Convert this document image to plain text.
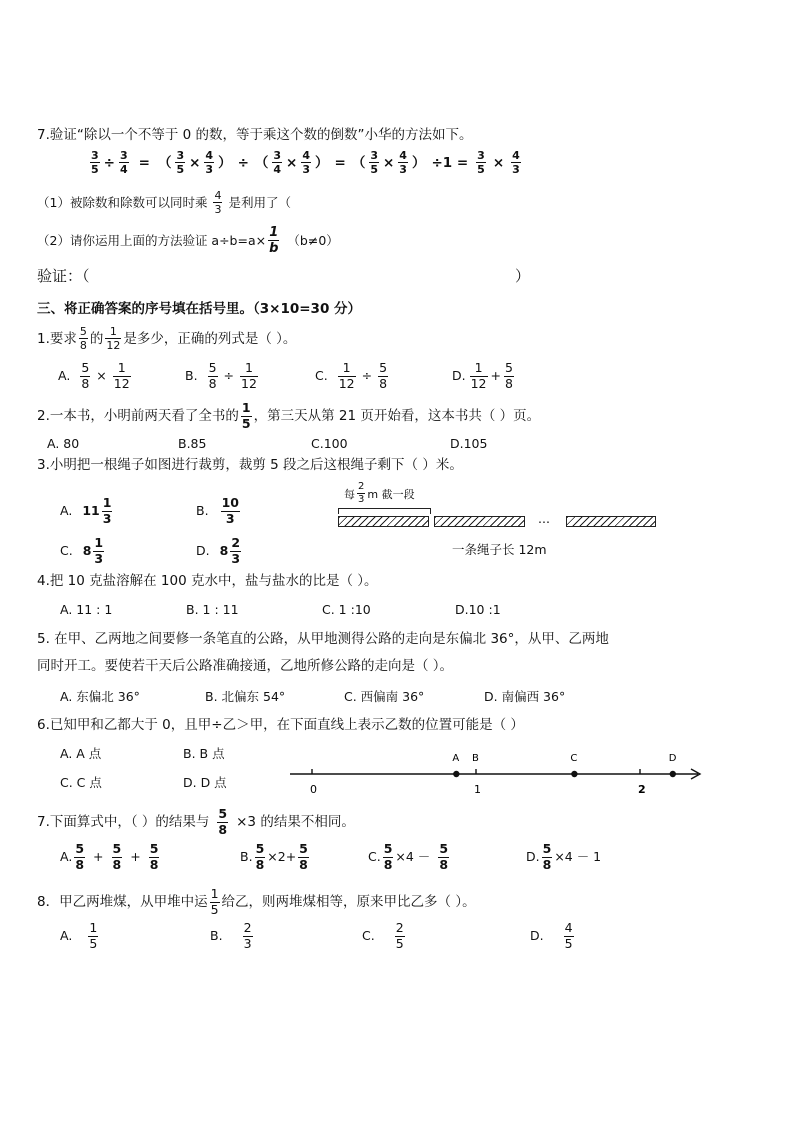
7.验证“除以一个不等于 0 的数，等于乘这个数的倒数”小华的方法如下。
$\frac{3}{5} \div \frac{3}{4}$ = （ $\frac{3}{5} \times \frac{4}{3}$ ） ÷ （ $\frac{3}{4} \times \frac{4}{3}$ ） = （ $\frac{3}{5} \times \frac{4}{3}$ ） $\div 1 = \frac{3}{5} \times \frac{4}{3}$
（1）被除数和除数可以同时乘 4
3 是利用了（
（2）请你运用上面的方法验证 $a\div b=a\times \frac{1}{b} (b\ne 0)$
验证：（	）
三、将正确答案的序号填在括号里。（3×10=30 分）
1.要求 5
8 的 1
12 是多少，正确的列式是（ ）。
A. $\frac{5}{8} \times \frac{1}{12}$	B. $\frac{5}{8} \div \frac{1}{12}$	C. $\frac{1}{12} \div \frac{5}{8}$	D.
1
$12 + \frac{5}{8}$
2.一本书，小明前两天看了全书的
1
5 ，第三天从第 21 页开始看，这本书共（ ）页。
A. 80	B.85	C.100	D.105
3.小明把一根绳子如图进行裁剪，裁剪 5 段之后这根绳子剩下（ ）米。
A. 11
1
3	B.
10
3
C. 8
1
3	D. 8
2
3
每
2
3 m 截一段
...
一条绳子长 12m
4.把 10 克盐溶解在 100 克水中，盐与盐水的比是（ ）。
A. 11 : 1	B. 1 : 11	C. 1 :10	D.10 :1
5. 在甲、乙两地之间要修一条笔直的公路，从甲地测得公路的走向是东偏北 36°，从甲、乙两地
同时开工。要使若干天后公路准确接通，乙地所修公路的走向是（ ）。
A. 东偏北 36°	B. 北偏东 54°	C. 西偏南 36°	D. 南偏西 36°
6.已知甲和乙都大于 0，且甲÷乙＞甲，在下面直线上表示乙数的位置可能是（ ）
A. A 点	B. B 点
C. C 点	D. D 点	0	1	2
A B	C	D
7.下面算式中，（ ）的结果与 $\frac{5}{8} \times 3$ 的结果不相同。
A.
5
$8 + \frac{5}{8} + \frac{5}{8}$	B. $\frac{5}{8} \times 2+ \frac{5}{8}$	C. $\frac{5}{8} \times 4$ －
5
8	D. $\frac{5}{8} \times 4 - 1$
8．甲乙两堆煤，从甲堆中运
1
5 给乙，则两堆煤相等，原来甲比乙多（ ）。
A.
1
5	B.
2
3	C.
2
5	D.
4
5
